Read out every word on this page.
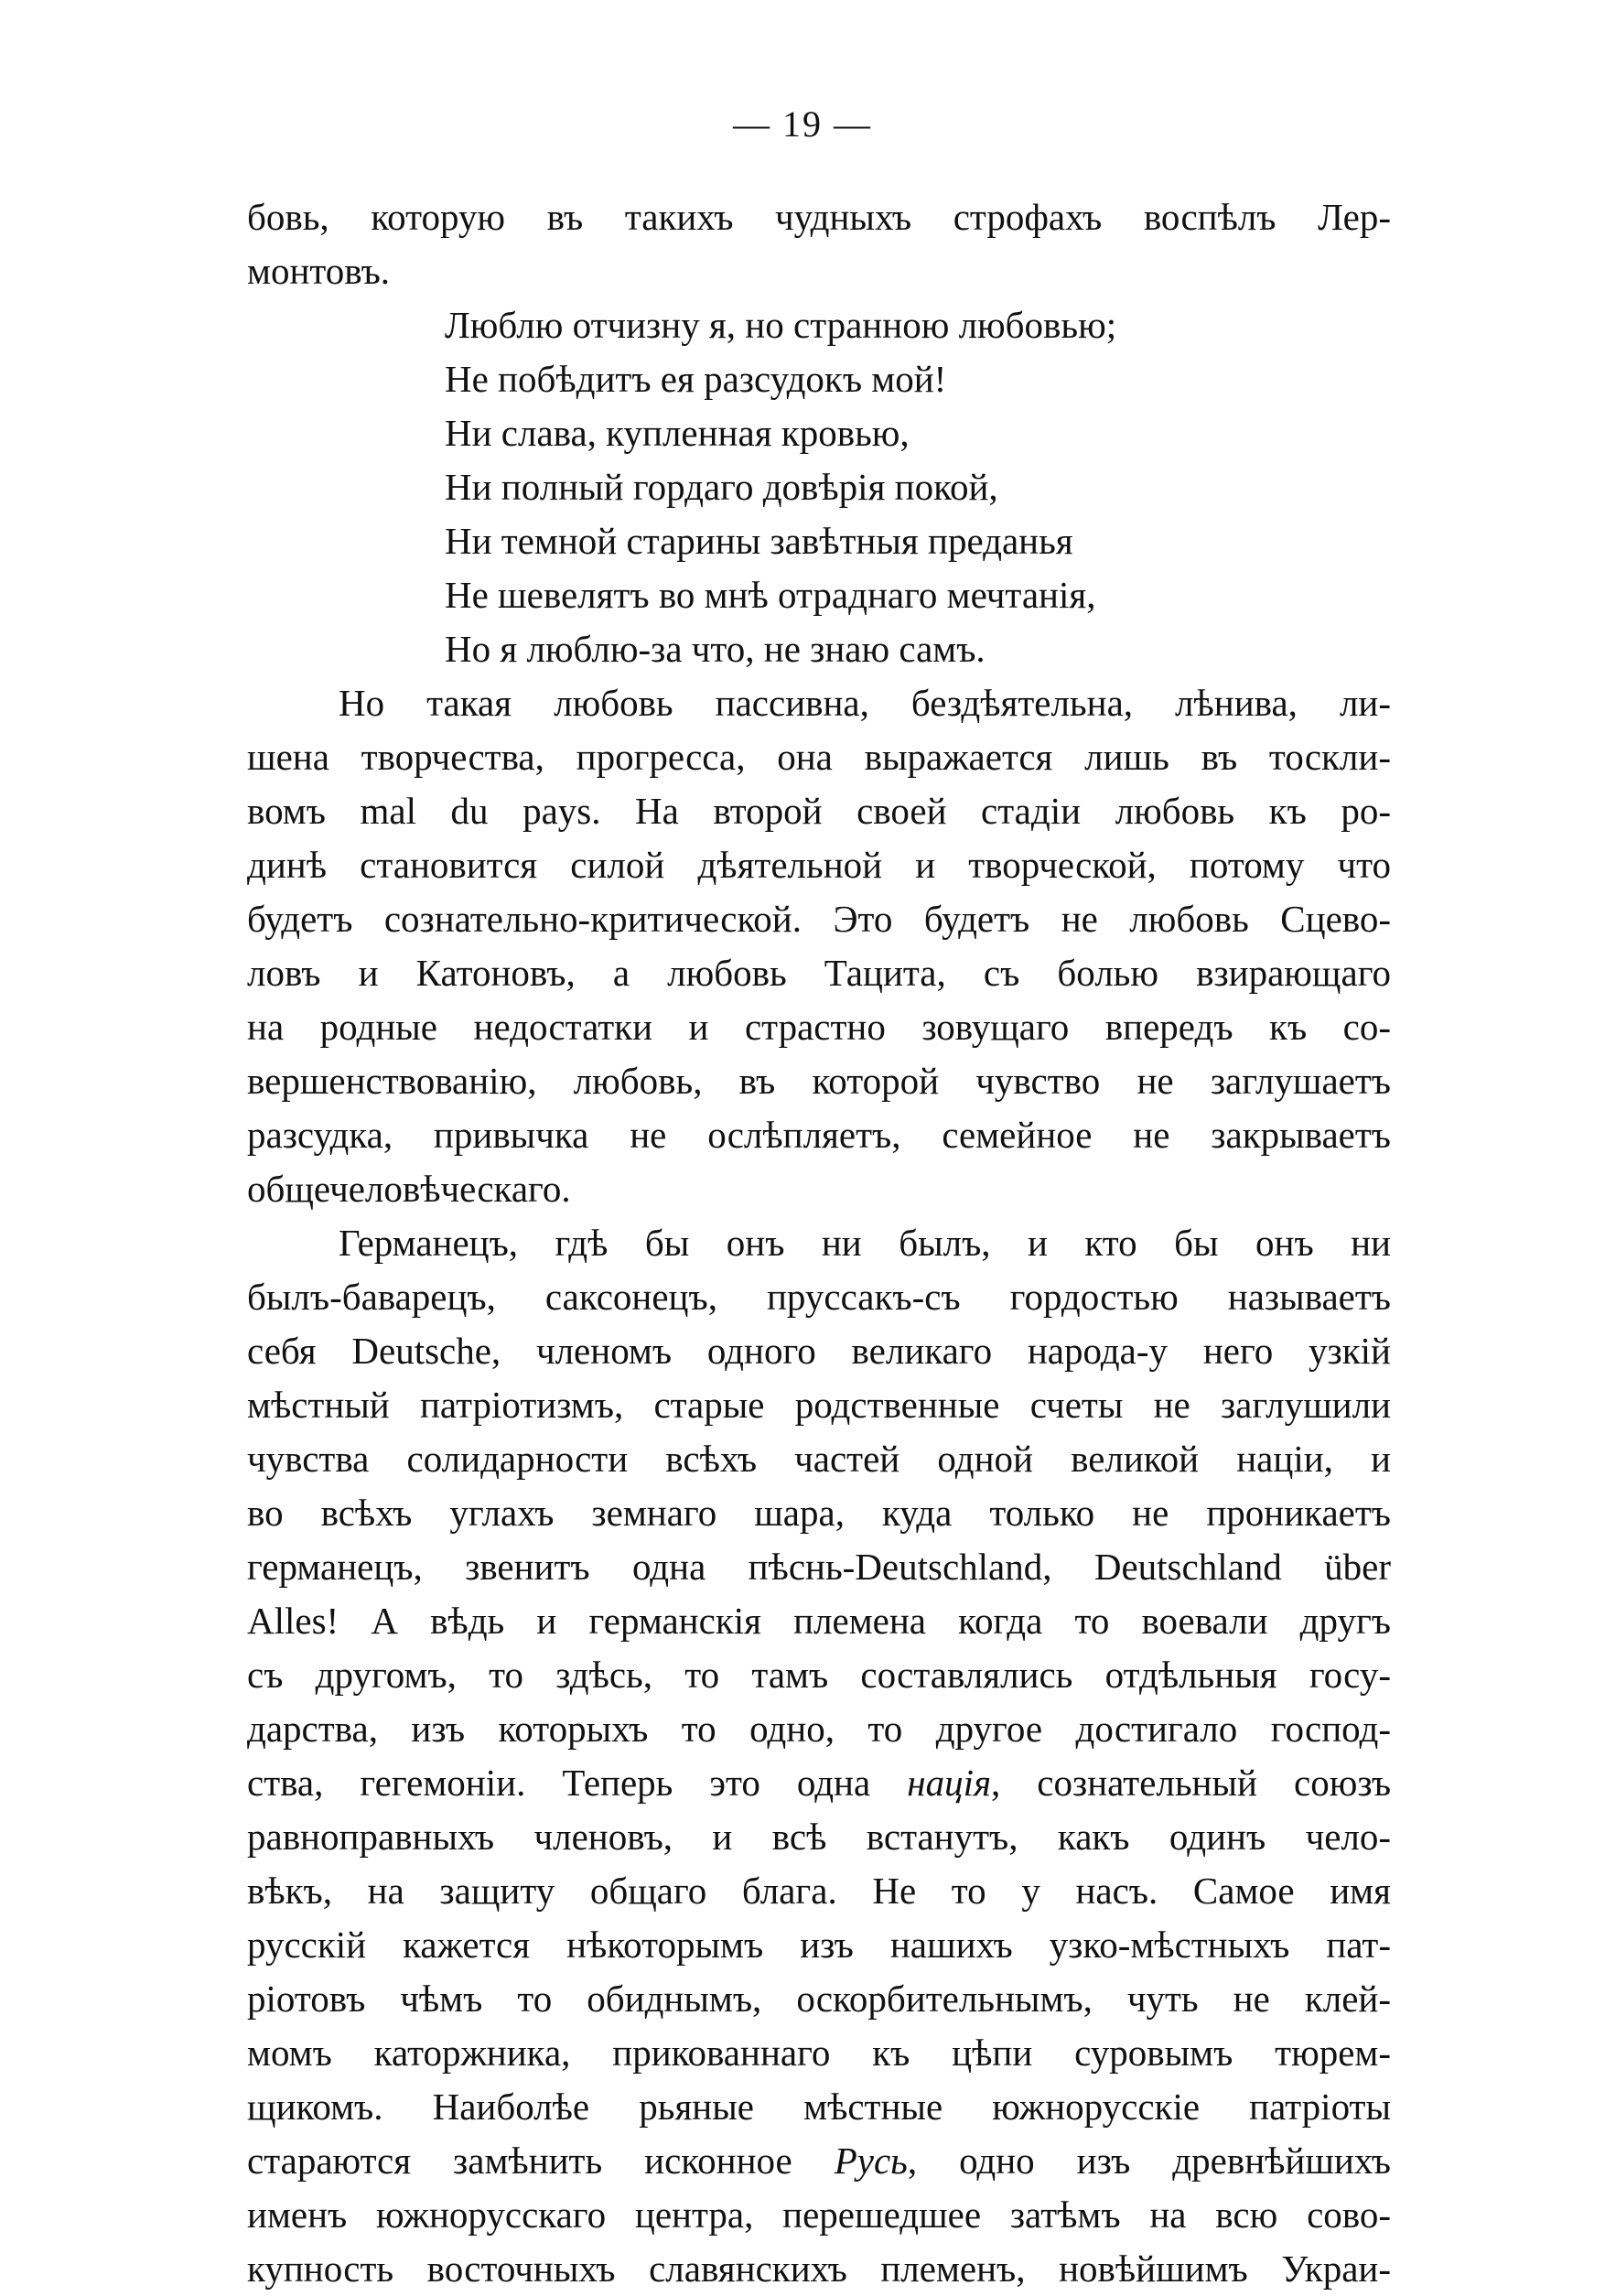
— 19 —
бовь, которую въ такихъ чудныхъ строфахъ воспѣлъ Лер-
монтовъ.
Люблю отчизну я, но странною любовью;
Не побѣдитъ ея разсудокъ мой!
Ни слава, купленная кровью,
Ни полный гордаго довѣрія покой,
Ни темной старины завѣтныя преданья
Не шевелятъ во мнѣ отраднаго мечтанія,
Но я люблю-за что, не знаю самъ.
Но такая любовь пассивна, бездѣятельна, лѣнива, ли-
шена творчества, прогресса, она выражается лишь въ тоскли-
вомъ mal du pays. На второй своей стадіи любовь къ ро-
динѣ становится силой дѣятельной и творческой, потому что
будетъ сознательно-критической. Это будетъ не любовь Сцево-
ловъ и Катоновъ, а любовь Тацита, съ болью взирающаго
на родные недостатки и страстно зовущаго впередъ къ со-
вершенствованію, любовь, въ которой чувство не заглушаетъ
разсудка, привычка не ослѣпляетъ, семейное не закрываетъ
общечеловѣческаго.
Германецъ, гдѣ бы онъ ни былъ, и кто бы онъ ни
былъ-баварецъ, саксонецъ, пруссакъ-съ гордостью называетъ
себя Deutsche, членомъ одного великаго народа-у него узкій
мѣстный патріотизмъ, старые родственные счеты не заглушили
чувства солидарности всѣхъ частей одной великой націи, и
во всѣхъ углахъ земнаго шара, куда только не проникаетъ
германецъ, звенитъ одна пѣснь-Deutschland, Deutschland über
Alles! А вѣдь и германскія племена когда то воевали другъ
съ другомъ, то здѣсь, то тамъ составлялись отдѣльныя госу-
дарства, изъ которыхъ то одно, то другое достигало господ-
ства, гегемоніи. Теперь это одна нація, сознательный союзъ
равноправныхъ членовъ, и всѣ встанутъ, какъ одинъ чело-
вѣкъ, на защиту общаго блага. Не то у насъ. Самое имя
русскій кажется нѣкоторымъ изъ нашихъ узко-мѣстныхъ пат-
ріотовъ чѣмъ то обиднымъ, оскорбительнымъ, чуть не клей-
момъ каторжника, прикованнаго къ цѣпи суровымъ тюрем-
щикомъ. Наиболѣе рьяные мѣстные южнорусскіе патріоты
стараются замѣнить исконное Русь, одно изъ древнѣйшихъ
именъ южнорусскаго центра, перешедшее затѣмъ на всю сово-
купность восточныхъ славянскихъ племенъ, новѣйшимъ Украи-
